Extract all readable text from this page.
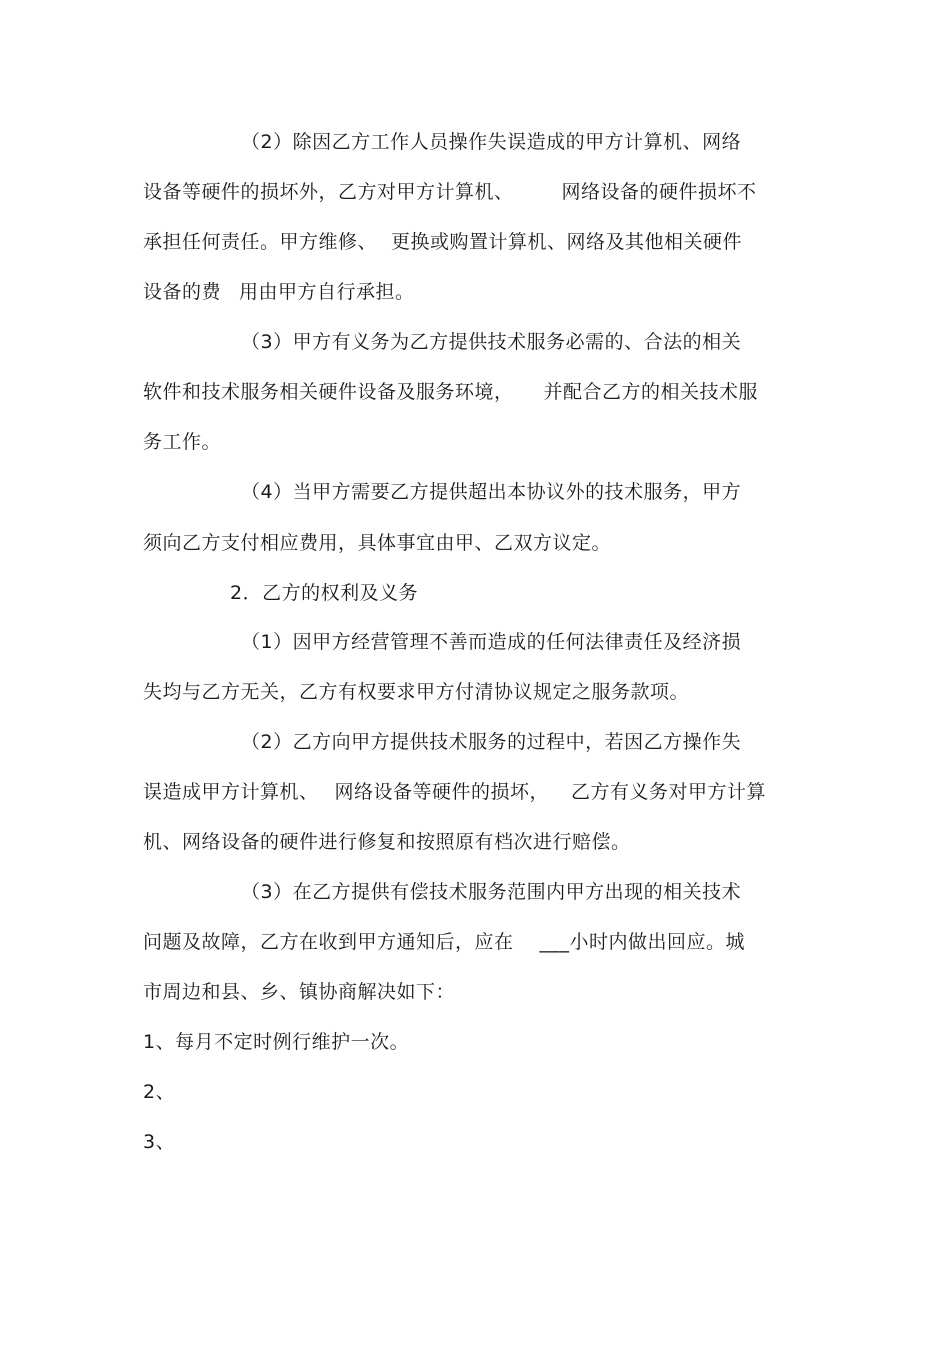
（2）除因乙方工作人员操作失误造成的甲方计算机、网络
设备等硬件的损坏外，乙方对甲方计算机、	网络设备的硬件损坏不
承担任何责任。甲方维修、 更换或购置计算机、网络及其他相关硬件
设备的费 用由甲方自行承担。
（3）甲方有义务为乙方提供技术服务必需的、合法的相关
软件和技术服务相关硬件设备及服务环境， 并配合乙方的相关技术服
务工作。
（4）当甲方需要乙方提供超出本协议外的技术服务，甲方
须向乙方支付相应费用，具体事宜由甲、乙双方议定。
2．乙方的权利及义务
（1）因甲方经营管理不善而造成的任何法律责任及经济损
失均与乙方无关，乙方有权要求甲方付清协议规定之服务款项。
（2）乙方向甲方提供技术服务的过程中，若因乙方操作失
误造成甲方计算机、 网络设备等硬件的损坏， 乙方有义务对甲方计算
机、网络设备的硬件进行修复和按照原有档次进行赔偿。
（3）在乙方提供有偿技术服务范围内甲方出现的相关技术
问题及故障，乙方在收到甲方通知后，应在 ___小时内做出回应。城
市周边和县、乡、镇协商解决如下：
1、每月不定时例行维护一次。
2、
3、
